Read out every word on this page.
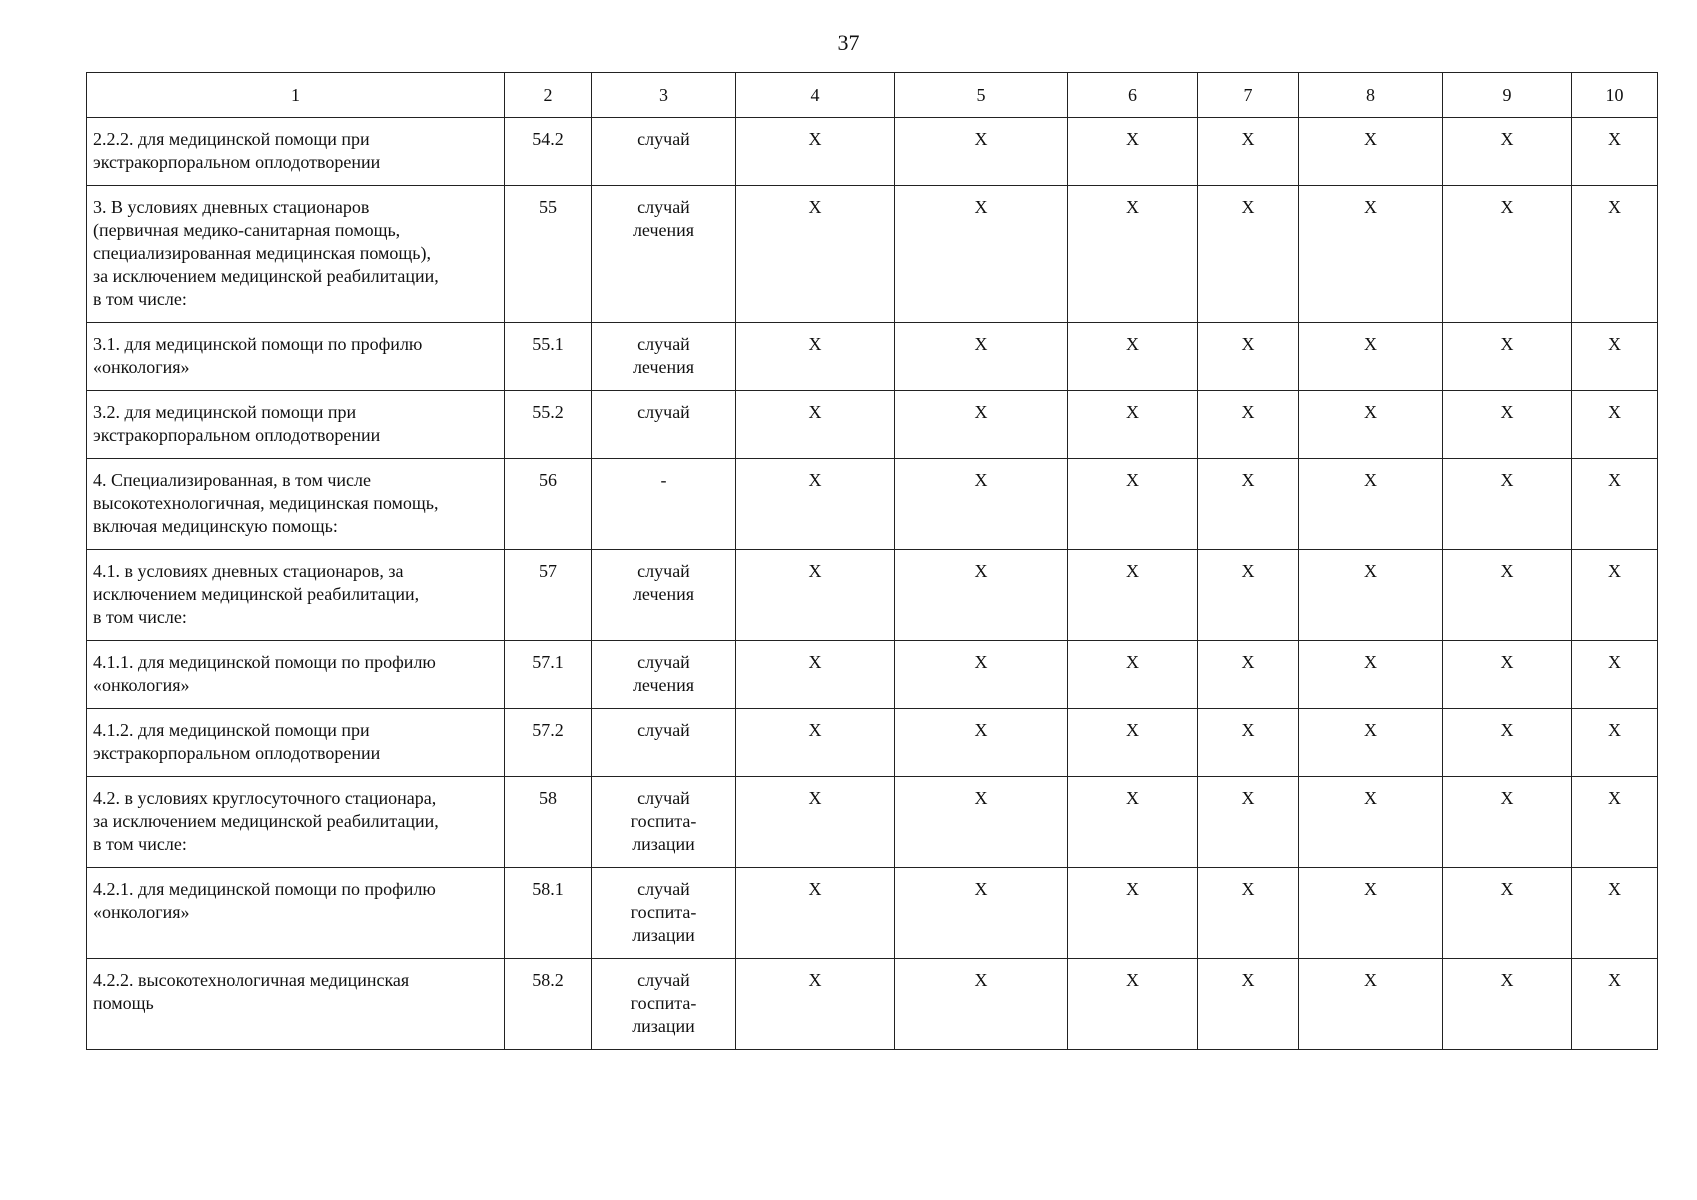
37
1	2	3	4	5	6	7	8	9	10
2.2.2. для медицинской помощи при
экстракорпоральном оплодотворении	54.2	случай	X	X	X	X	X	X	X
3. В условиях дневных стационаров
(первичная медико-санитарная помощь,
специализированная медицинская помощь),
за исключением медицинской реабилитации,
в том числе:	55	случай
лечения	X	X	X	X	X	X	X
3.1. для медицинской помощи по профилю
«онкология»	55.1	случай
лечения	X	X	X	X	X	X	X
3.2. для медицинской помощи при
экстракорпоральном оплодотворении	55.2	случай	X	X	X	X	X	X	X
4. Специализированная, в том числе
высокотехнологичная, медицинская помощь,
включая медицинскую помощь:	56	-	X	X	X	X	X	X	X
4.1. в условиях дневных стационаров, за
исключением медицинской реабилитации,
в том числе:	57	случай
лечения	X	X	X	X	X	X	X
4.1.1. для медицинской помощи по профилю
«онкология»	57.1	случай
лечения	X	X	X	X	X	X	X
4.1.2. для медицинской помощи при
экстракорпоральном оплодотворении	57.2	случай	X	X	X	X	X	X	X
4.2. в условиях круглосуточного стационара,
за исключением медицинской реабилитации,
в том числе:	58	случай
госпита-
лизации	X	X	X	X	X	X	X
4.2.1. для медицинской помощи по профилю
«онкология»	58.1	случай
госпита-
лизации	X	X	X	X	X	X	X
4.2.2. высокотехнологичная медицинская
помощь	58.2	случай
госпита-
лизации	X	X	X	X	X	X	X
